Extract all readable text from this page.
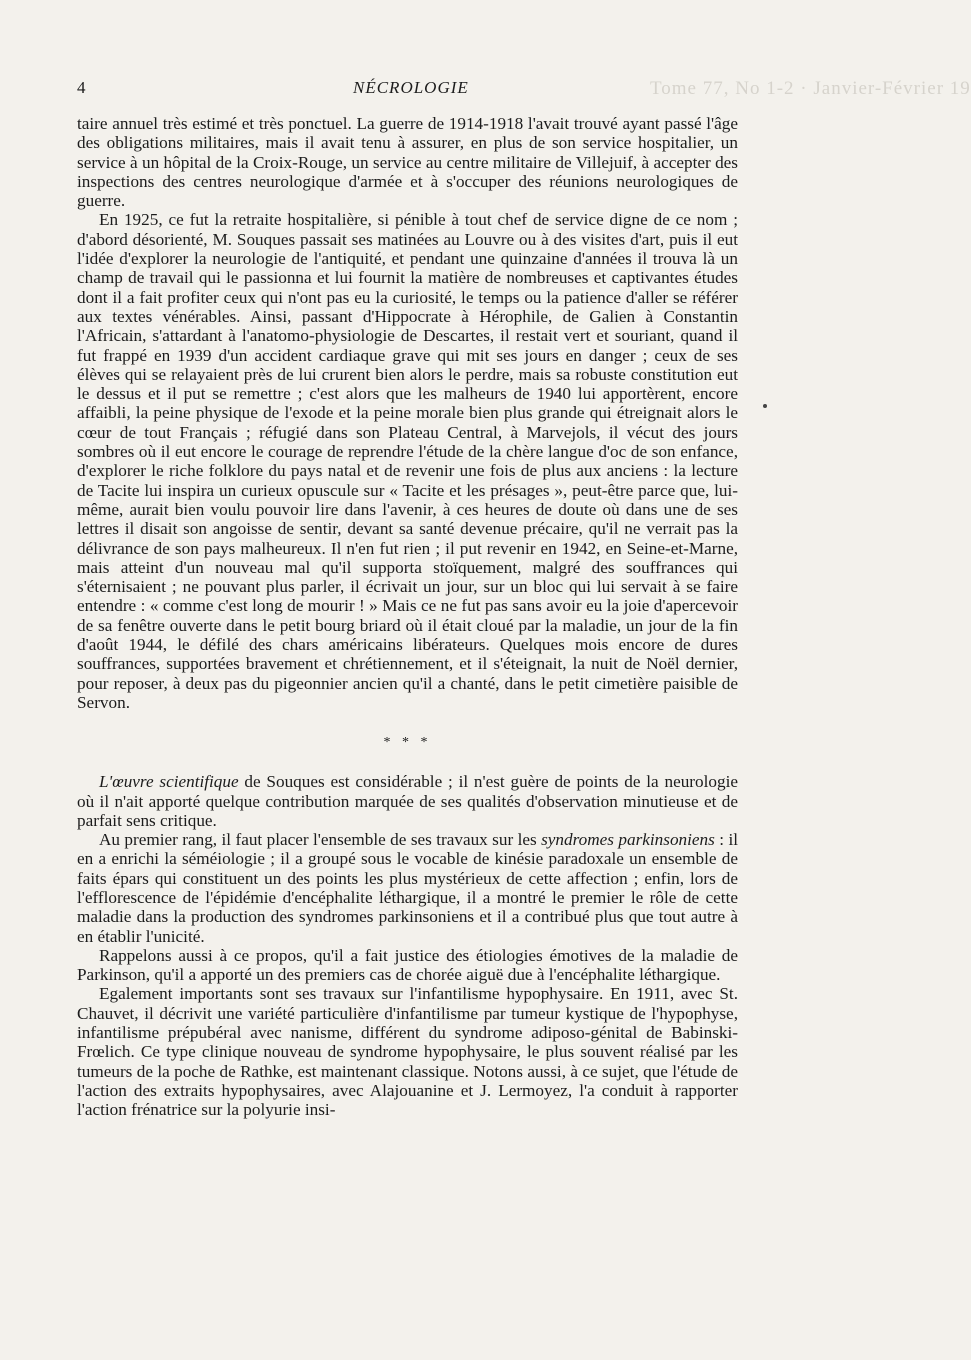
Tome 77, No 1-2 · Janvier-Février 19
4	NÉCROLOGIE

taire annuel très estimé et très ponctuel. La guerre de 1914-1918 l'avait trouvé ayant passé l'âge des obligations militaires, mais il avait tenu à assurer, en plus de son service hospitalier, un service à un hôpital de la Croix-Rouge, un service au centre militaire de Villejuif, à accepter des inspections des centres neurologique d'armée et à s'occuper des réunions neurologiques de guerre.

En 1925, ce fut la retraite hospitalière, si pénible à tout chef de service digne de ce nom ; d'abord désorienté, M. Souques passait ses matinées au Louvre ou à des visites d'art, puis il eut l'idée d'explorer la neurologie de l'antiquité, et pendant une quinzaine d'années il trouva là un champ de travail qui le passionna et lui fournit la matière de nombreuses et captivantes études dont il a fait profiter ceux qui n'ont pas eu la curiosité, le temps ou la patience d'aller se référer aux textes vénérables. Ainsi, passant d'Hippocrate à Hérophile, de Galien à Constantin l'Africain, s'attardant à l'anatomo-physiologie de Descartes, il restait vert et souriant, quand il fut frappé en 1939 d'un accident cardiaque grave qui mit ses jours en danger ; ceux de ses élèves qui se relayaient près de lui crurent bien alors le perdre, mais sa robuste constitution eut le dessus et il put se remettre ; c'est alors que les malheurs de 1940 lui apportèrent, encore affaibli, la peine physique de l'exode et la peine morale bien plus grande qui étreignait alors le cœur de tout Français ; réfugié dans son Plateau Central, à Marvejols, il vécut des jours sombres où il eut encore le courage de reprendre l'étude de la chère langue d'oc de son enfance, d'explorer le riche folklore du pays natal et de revenir une fois de plus aux anciens : la lecture de Tacite lui inspira un curieux opuscule sur « Tacite et les présages », peut-être parce que, lui-même, aurait bien voulu pouvoir lire dans l'avenir, à ces heures de doute où dans une de ses lettres il disait son angoisse de sentir, devant sa santé devenue précaire, qu'il ne verrait pas la délivrance de son pays malheureux. Il n'en fut rien ; il put revenir en 1942, en Seine-et-Marne, mais atteint d'un nouveau mal qu'il supporta stoïquement, malgré des souffrances qui s'éternisaient ; ne pouvant plus parler, il écrivait un jour, sur un bloc qui lui servait à se faire entendre : « comme c'est long de mourir ! » Mais ce ne fut pas sans avoir eu la joie d'apercevoir de sa fenêtre ouverte dans le petit bourg briard où il était cloué par la maladie, un jour de la fin d'août 1944, le défilé des chars américains libérateurs. Quelques mois encore de dures souffrances, supportées bravement et chrétiennement, et il s'éteignait, la nuit de Noël dernier, pour reposer, à deux pas du pigeonnier ancien qu'il a chanté, dans le petit cimetière paisible de Servon.

* * *

L'œuvre scientifique de Souques est considérable ; il n'est guère de points de la neurologie où il n'ait apporté quelque contribution marquée de ses qualités d'observation minutieuse et de parfait sens critique.

Au premier rang, il faut placer l'ensemble de ses travaux sur les syndromes parkinsoniens : il en a enrichi la séméiologie ; il a groupé sous le vocable de kinésie paradoxale un ensemble de faits épars qui constituent un des points les plus mystérieux de cette affection ; enfin, lors de l'efflorescence de l'épidémie d'encéphalite léthargique, il a montré le premier le rôle de cette maladie dans la production des syndromes parkinsoniens et il a contribué plus que tout autre à en établir l'unicité.

Rappelons aussi à ce propos, qu'il a fait justice des étiologies émotives de la maladie de Parkinson, qu'il a apporté un des premiers cas de chorée aiguë due à l'encéphalite léthargique.

Egalement importants sont ses travaux sur l'infantilisme hypophysaire. En 1911, avec St. Chauvet, il décrivit une variété particulière d'infantilisme par tumeur kystique de l'hypophyse, infantilisme prépubéral avec nanisme, différent du syndrome adiposo-génital de Babinski-Frœlich. Ce type clinique nouveau de syndrome hypophysaire, le plus souvent réalisé par les tumeurs de la poche de Rathke, est maintenant classique. Notons aussi, à ce sujet, que l'étude de l'action des extraits hypophysaires, avec Alajouanine et J. Lermoyez, l'a conduit à rapporter l'action frénatrice sur la polyurie insi-
